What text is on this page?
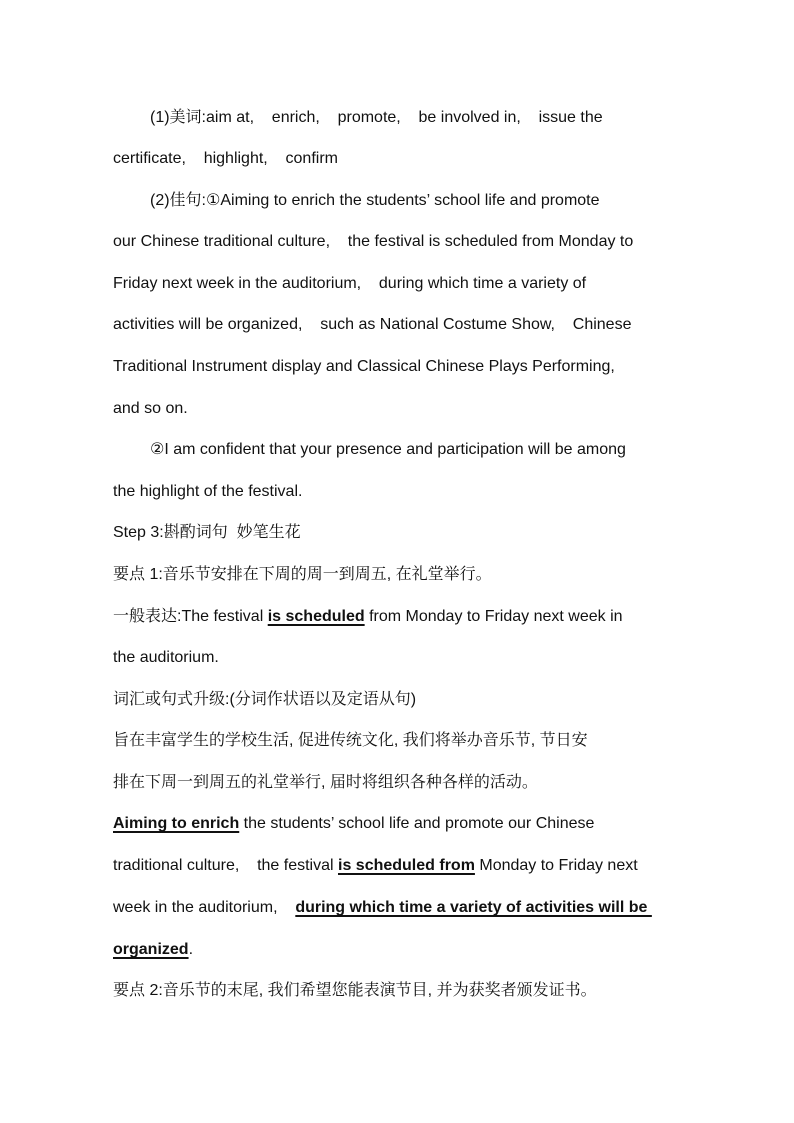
(1)美词:aim at,    enrich,    promote,    be involved in,    issue the
certificate,    highlight,    confirm
(2)佳句:①Aiming to enrich the students’ school life and promote
our Chinese traditional culture,    the festival is scheduled from Monday to
Friday next week in the auditorium,    during which time a variety of
activities will be organized,    such as National Costume Show,    Chinese
Traditional Instrument display and Classical Chinese Plays Performing,
and so on.
②I am confident that your presence and participation will be among
the highlight of the festival.
Step 3:斟酌词句  妙笔生花
要点 1:音乐节安排在下周的周一到周五, 在礼堂举行。
一般表达:The festival is scheduled from Monday to Friday next week in
the auditorium.
词汇或句式升级:(分词作状语以及定语从句)
旨在丰富学生的学校生活, 促进传统文化, 我们将举办音乐节, 节日安
排在下周一到周五的礼堂举行, 届时将组织各种各样的活动。
Aiming to enrich the students’ school life and promote our Chinese
traditional culture,    the festival is scheduled from Monday to Friday next
week in the auditorium,    during which time a variety of activities will be
organized.
要点 2:音乐节的末尾, 我们希望您能表演节目, 并为获奖者颁发证书。
